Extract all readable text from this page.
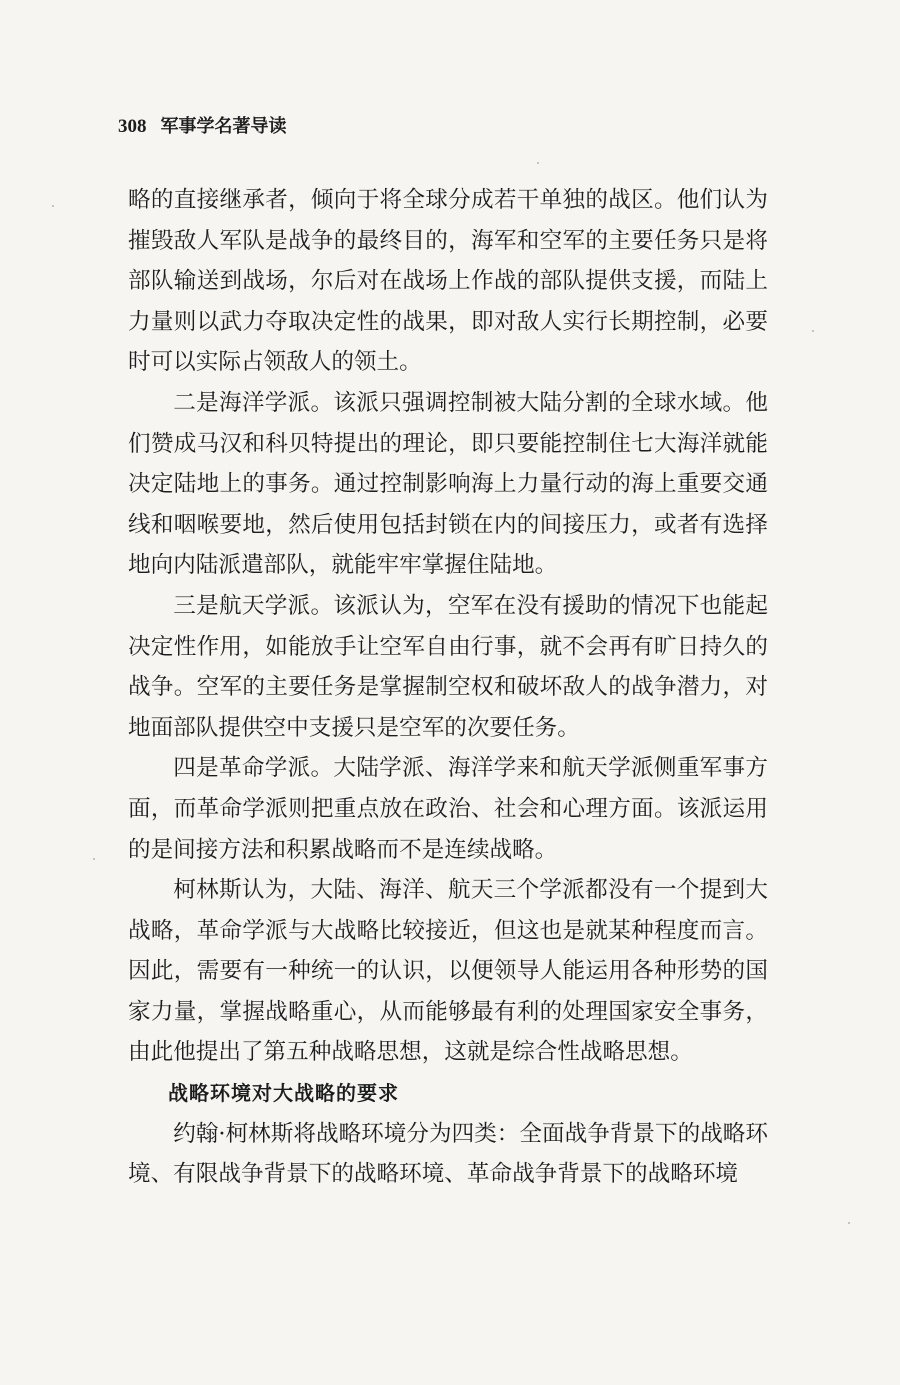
308 军事学名著导读

略的直接继承者，倾向于将全球分成若干单独的战区。他们认为摧毁敌人军队是战争的最终目的，海军和空军的主要任务只是将部队输送到战场，尔后对在战场上作战的部队提供支援，而陆上力量则以武力夺取决定性的战果，即对敌人实行长期控制，必要时可以实际占领敌人的领土。

二是海洋学派。该派只强调控制被大陆分割的全球水域。他们赞成马汉和科贝特提出的理论，即只要能控制住七大海洋就能决定陆地上的事务。通过控制影响海上力量行动的海上重要交通线和咽喉要地，然后使用包括封锁在内的间接压力，或者有选择地向内陆派遣部队，就能牢牢掌握住陆地。

三是航天学派。该派认为，空军在没有援助的情况下也能起决定性作用，如能放手让空军自由行事，就不会再有旷日持久的战争。空军的主要任务是掌握制空权和破坏敌人的战争潜力，对地面部队提供空中支援只是空军的次要任务。

四是革命学派。大陆学派、海洋学来和航天学派侧重军事方面，而革命学派则把重点放在政治、社会和心理方面。该派运用的是间接方法和积累战略而不是连续战略。

柯林斯认为，大陆、海洋、航天三个学派都没有一个提到大战略，革命学派与大战略比较接近，但这也是就某种程度而言。因此，需要有一种统一的认识，以便领导人能运用各种形势的国家力量，掌握战略重心，从而能够最有利的处理国家安全事务，由此他提出了第五种战略思想，这就是综合性战略思想。

战略环境对大战略的要求

约翰·柯林斯将战略环境分为四类：全面战争背景下的战略环境、有限战争背景下的战略环境、革命战争背景下的战略环境
